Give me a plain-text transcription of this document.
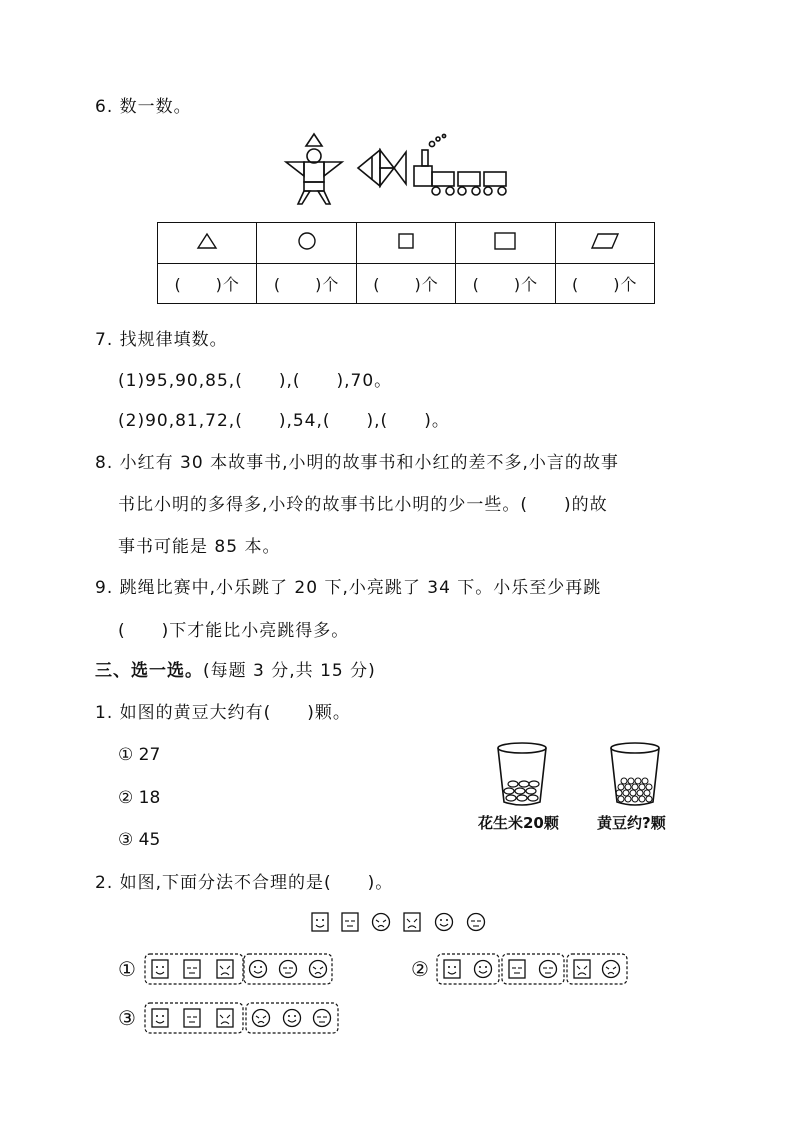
6. 数一数。

(　　)个	(　　)个	(　　)个	(　　)个	(　　)个
7. 找规律填数。
(1)95,90,85,(　　),(　　),70。
(2)90,81,72,(　　),54,(　　),(　　)。
8. 小红有 30 本故事书,小明的故事书和小红的差不多,小言的故事
书比小明的多得多,小玲的故事书比小明的少一些。(　　)的故
事书可能是 85 本。
9. 跳绳比赛中,小乐跳了 20 下,小亮跳了 34 下。小乐至少再跳
(　　)下才能比小亮跳得多。
三、选一选。(每题 3 分,共 15 分)
1. 如图的黄豆大约有(　　)颗。
① 27
② 18
③ 45
花生米20颗	黄豆约?颗
2. 如图,下面分法不合理的是(　　)。
①	②
③
